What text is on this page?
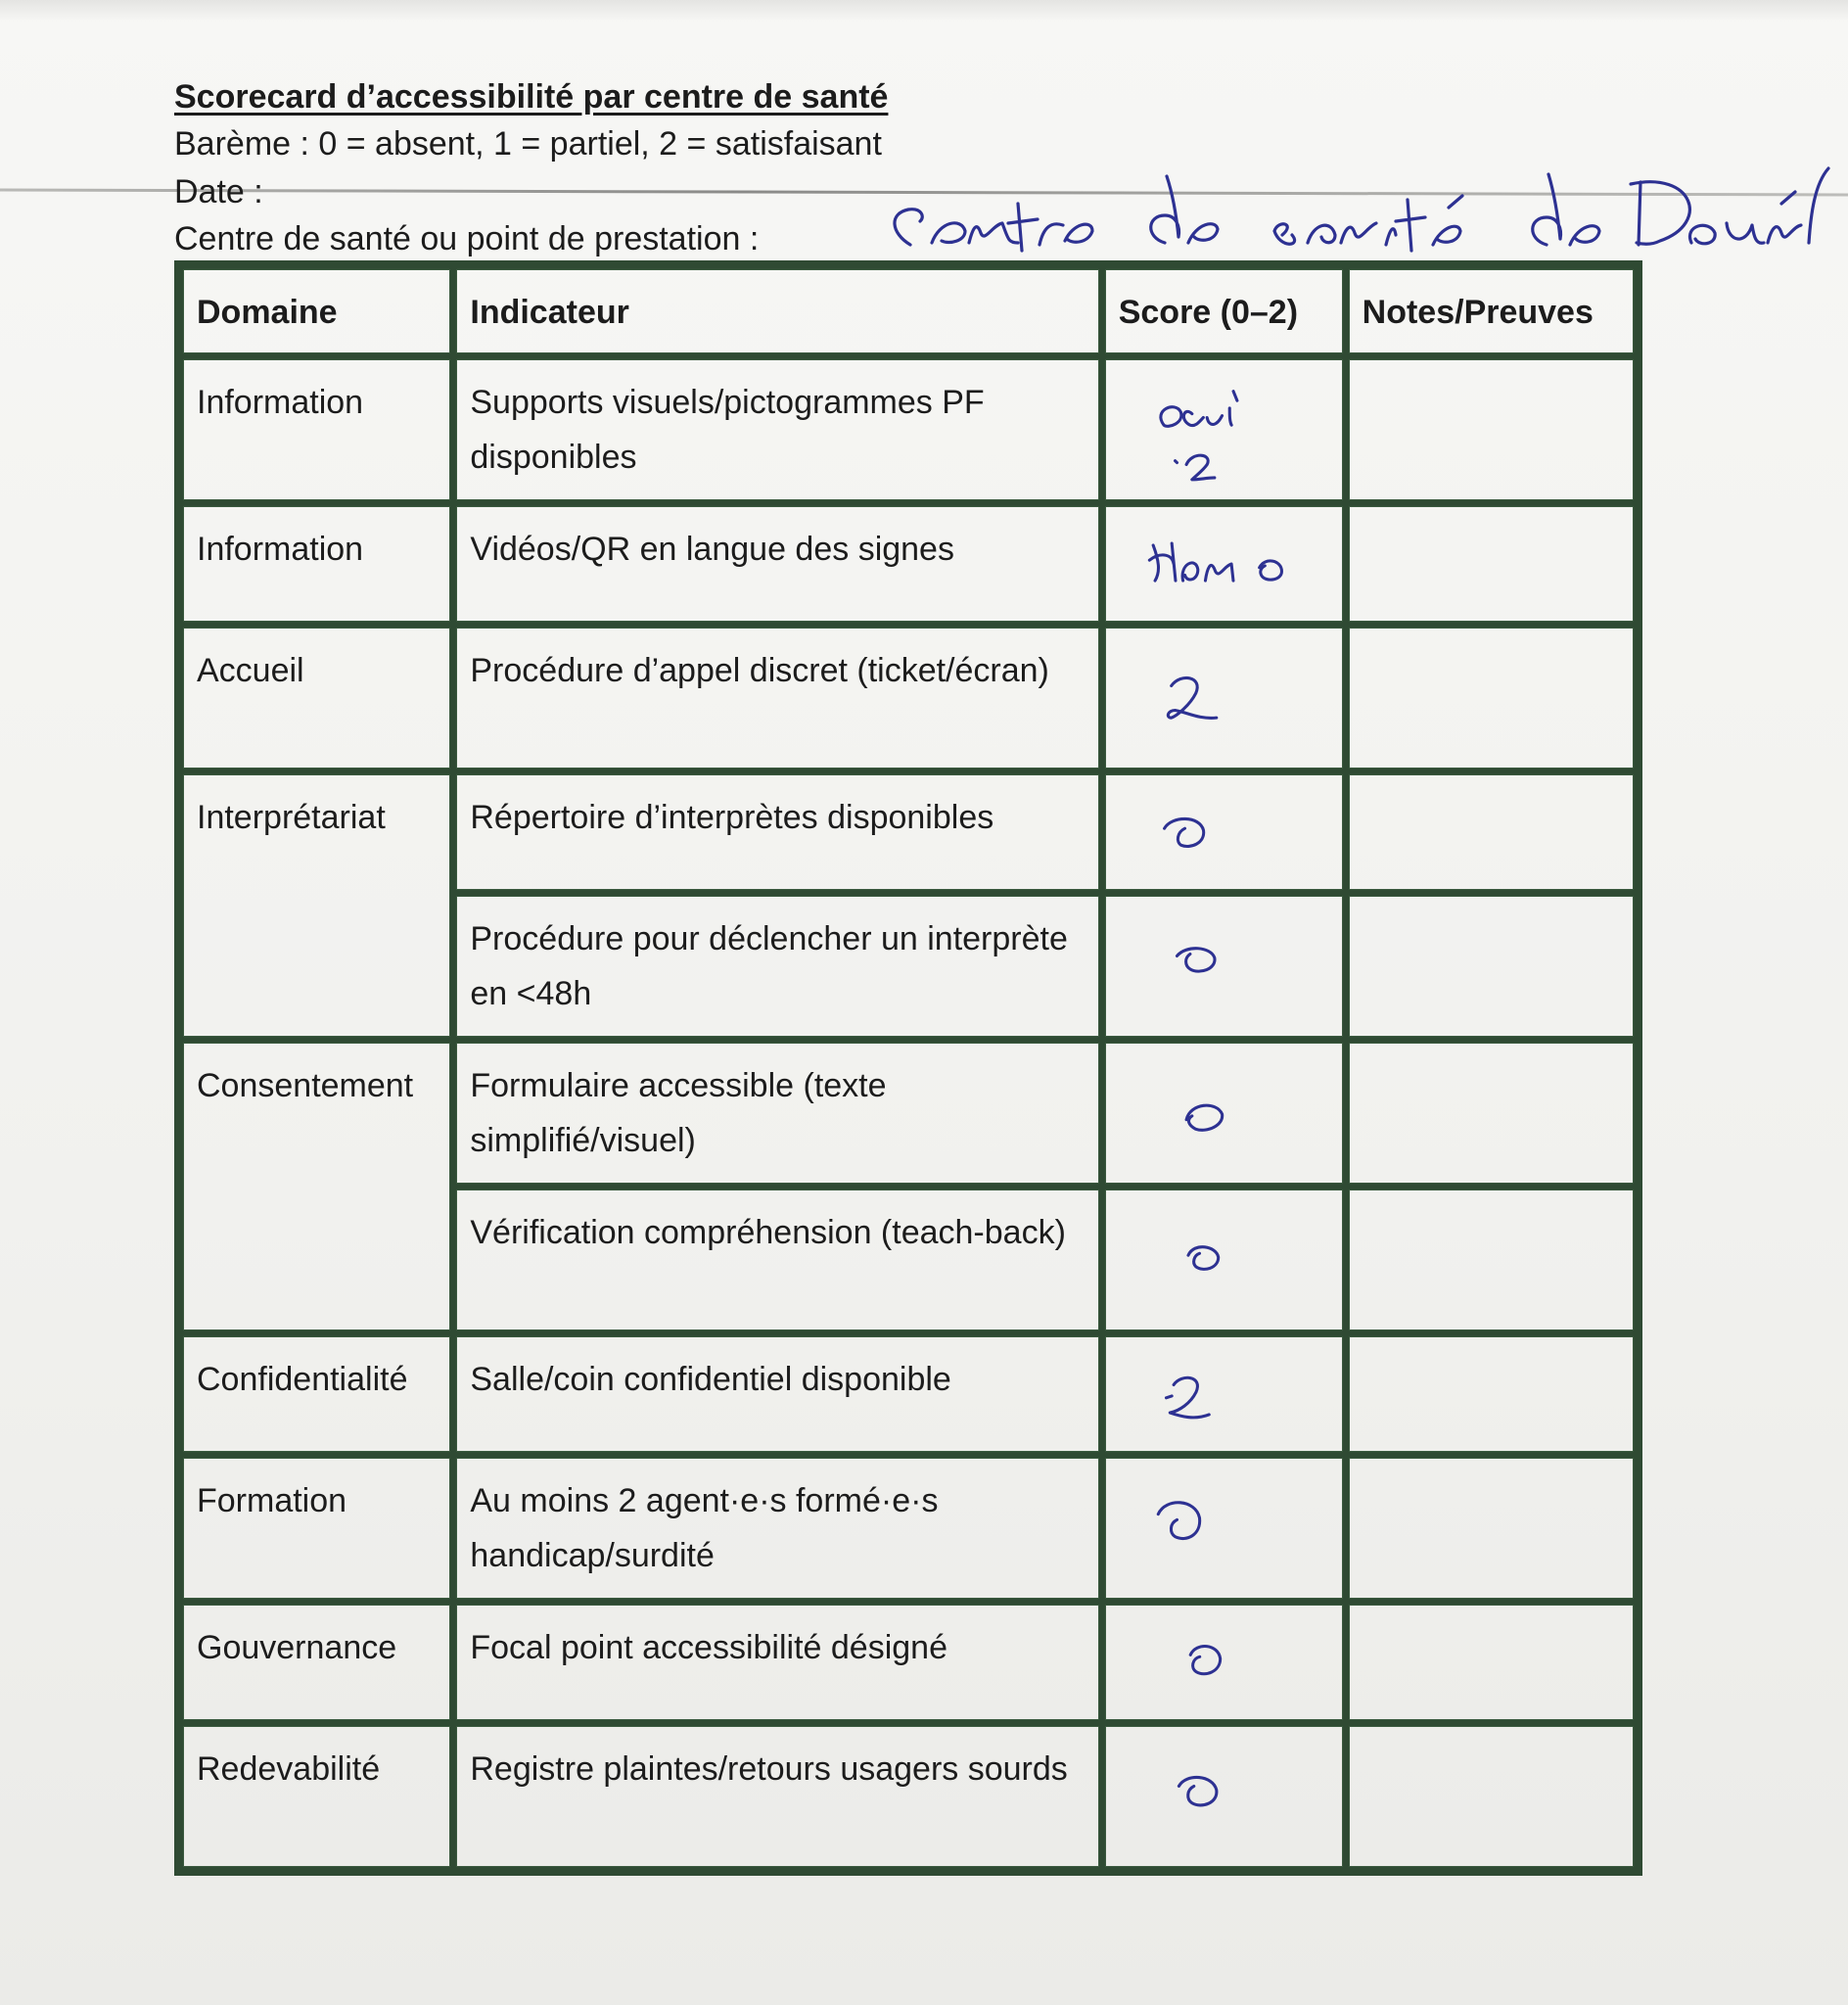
Scorecard d’accessibilité par centre de santé
Barème : 0 = absent, 1 = partiel, 2 = satisfaisant
Date :
Centre de santé ou point de prestation :
Domaine	Indicateur	Score (0–2)	Notes/Preuves
Information	Supports visuels/pictogrammes PF disponibles	

Information	Vidéos/QR en langue des signes	

Accueil	Procédure d’appel discret (ticket/écran)	

Interprétariat	Répertoire d’interprètes disponibles	

	Procédure pour déclencher un interprète en <48h	

Consentement	Formulaire accessible (texte simplifié/visuel)	

	Vérification compréhension (teach-back)	

Confidentialité	Salle/coin confidentiel disponible	

Formation	Au moins 2 agent·e·s formé·e·s handicap/surdité	

Gouvernance	Focal point accessibilité désigné	

Redevabilité	Registre plaintes/retours usagers sourds	
